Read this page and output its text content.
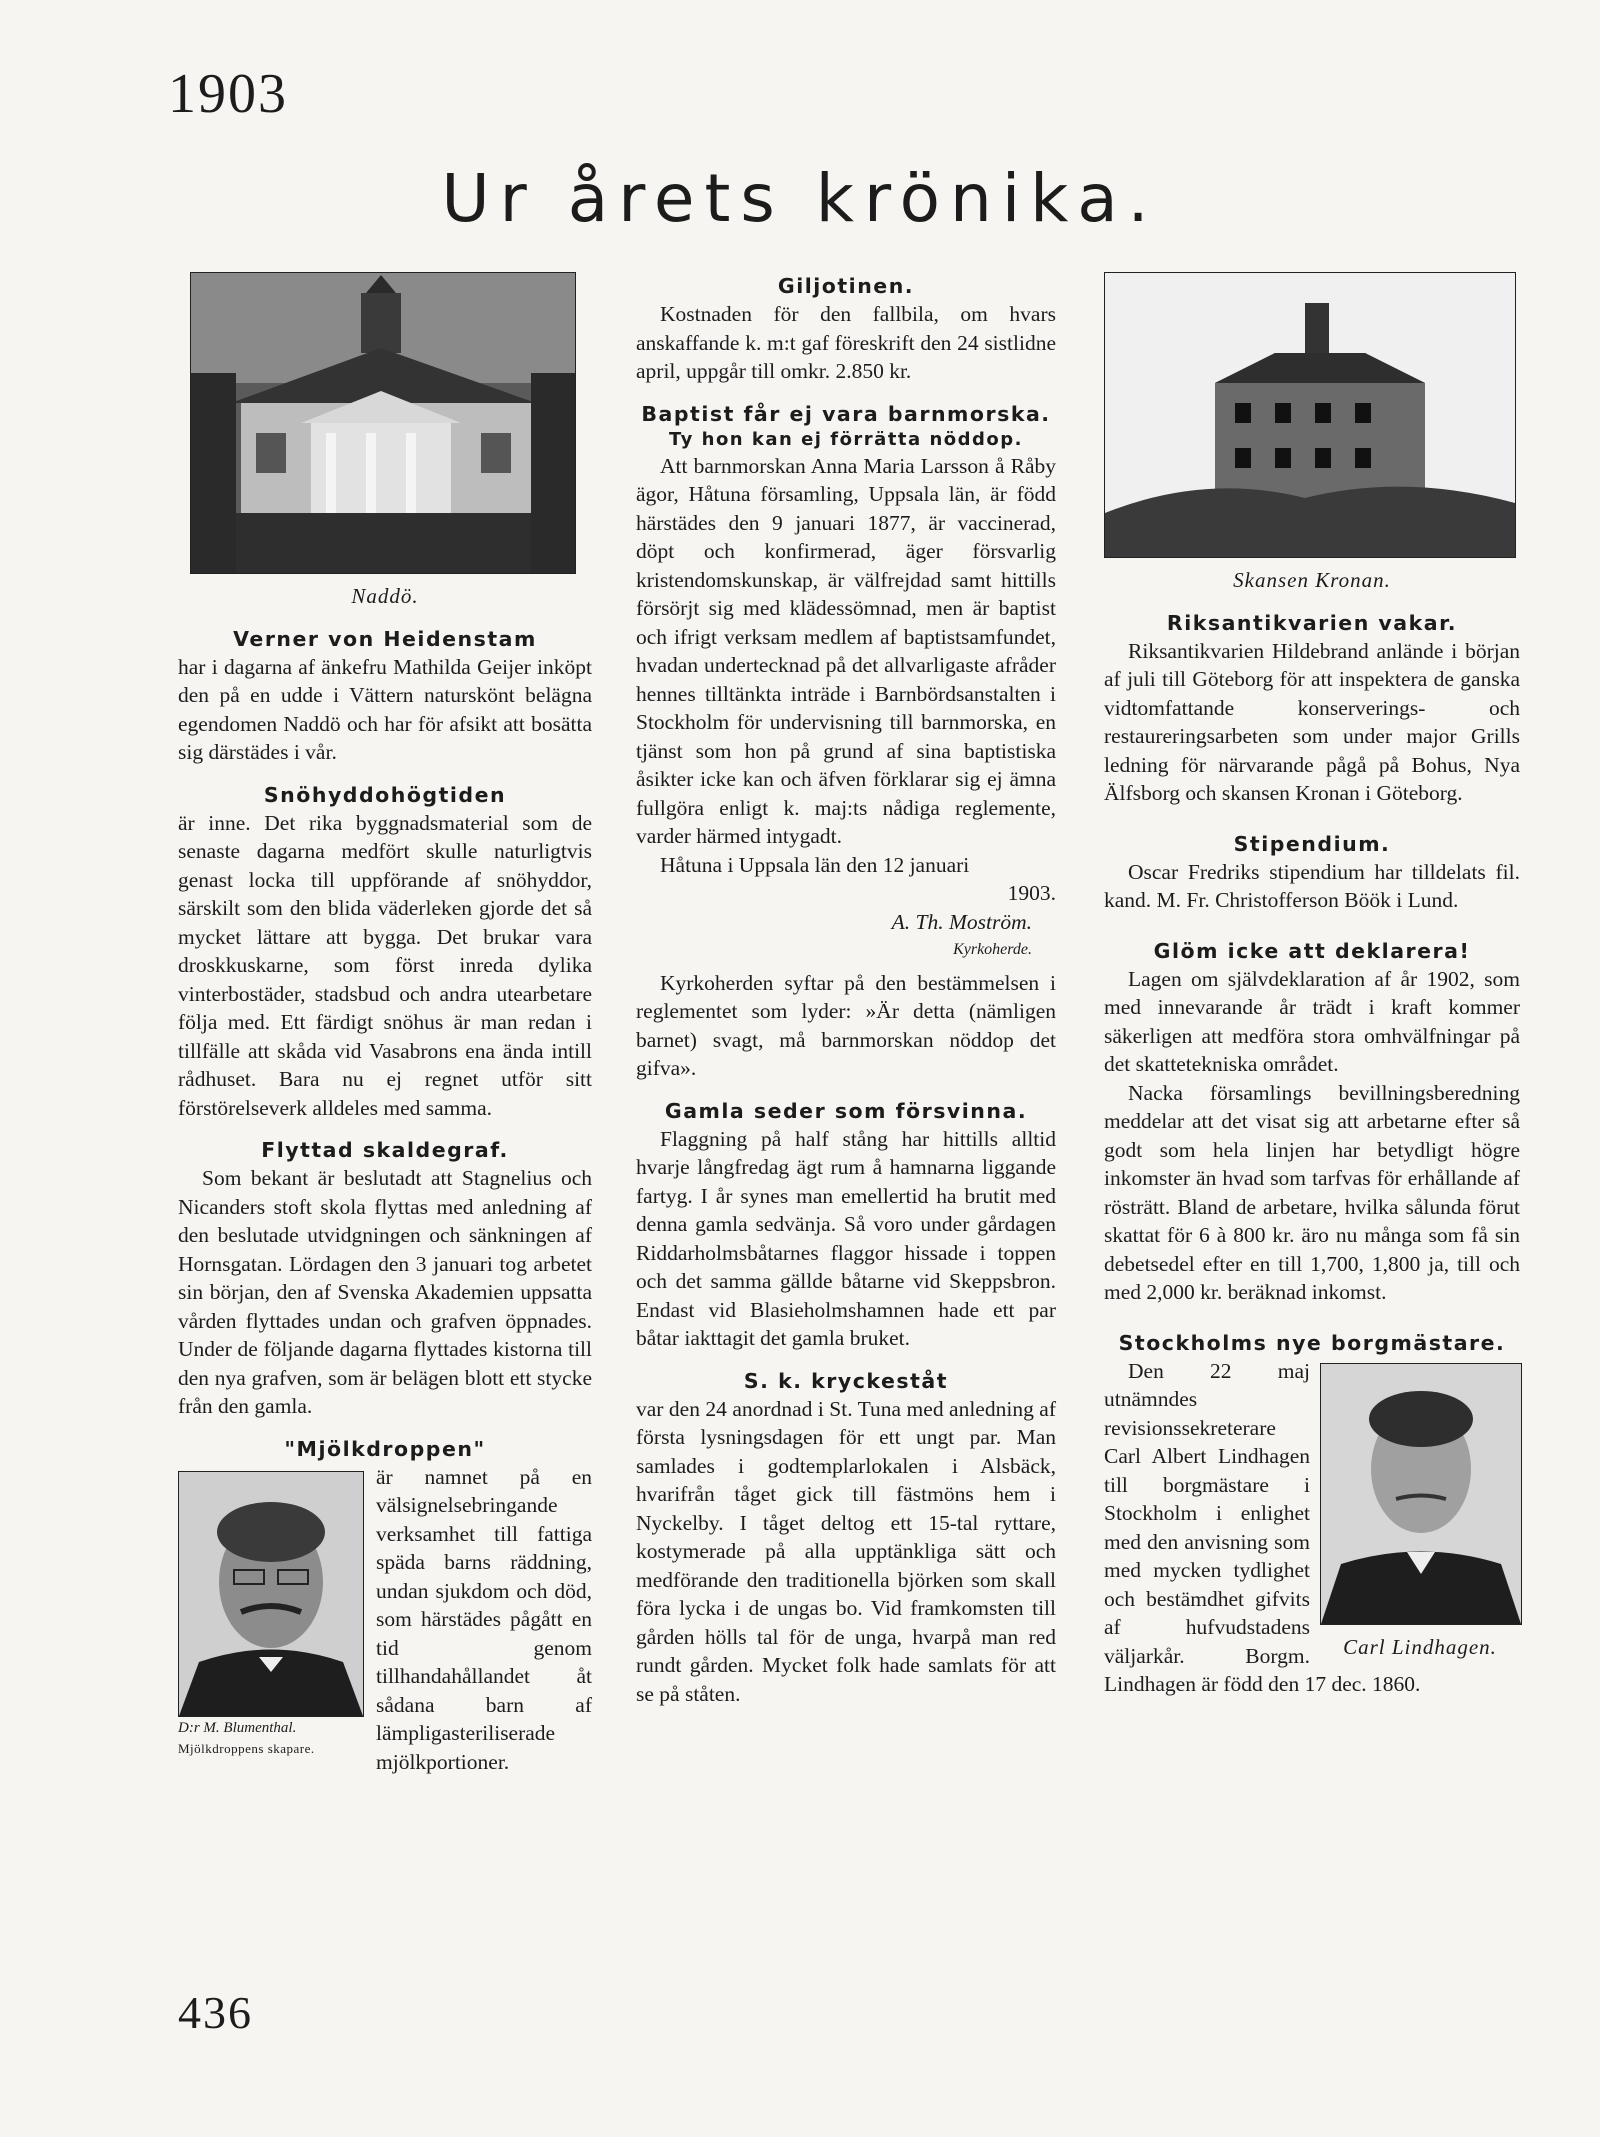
1903
Ur årets krönika.
Naddö.
Verner von Heidenstam

har i dagarna af änkefru Mathilda Geijer inköpt den på en udde i Vättern naturskönt belägna egendomen Naddö och har för afsikt att bosätta sig därstädes i vår.

Snöhyddohögtiden

är inne. Det rika byggnadsmaterial som de senaste dagarna medfört skulle naturligtvis genast locka till uppförande af snöhyddor, särskilt som den blida väderleken gjorde det så mycket lättare att bygga. Det brukar vara droskkuskarne, som först inreda dylika vinterbostäder, stadsbud och andra utearbetare följa med. Ett färdigt snöhus är man redan i tillfälle att skåda vid Vasabrons ena ända intill rådhuset. Bara nu ej regnet utför sitt förstörelseverk alldeles med samma.

Flyttad skaldegraf.

Som bekant är beslutadt att Stagnelius och Nicanders stoft skola flyttas med anledning af den beslutade utvidgningen och sänkningen af Hornsgatan. Lördagen den 3 januari tog arbetet sin början, den af Svenska Akademien uppsatta vården flyttades undan och grafven öppnades. Under de följande dagarna flyttades kistorna till den nya grafven, som är belägen blott ett stycke från den gamla.

"Mjölkdroppen"
D:r M. Blumenthal.
Mjölkdroppens skapare.

är namnet på en välsignelsebringande verksamhet till fattiga späda barns räddning, undan sjukdom och död, som härstädes pågått en tid genom tillhandahållandet åt sådana barn af lämpligasteriliserade mjölkportioner.

Giljotinen.

Kostnaden för den fallbila, om hvars anskaffande k. m:t gaf föreskrift den 24 sistlidne april, uppgår till omkr. 2.850 kr.

Baptist får ej vara barnmorska.
Ty hon kan ej förrätta nöddop.

Att barnmorskan Anna Maria Larsson å Råby ägor, Håtuna församling, Uppsala län, är född härstädes den 9 januari 1877, är vaccinerad, döpt och konfirmerad, äger försvarlig kristendomskunskap, är välfrejdad samt hittills försörjt sig med klädessömnad, men är baptist och ifrigt verksam medlem af baptistsamfundet, hvadan undertecknad på det allvarligaste afråder hennes tilltänkta inträde i Barnbördsanstalten i Stockholm för undervisning till barnmorska, en tjänst som hon på grund af sina baptistiska åsikter icke kan och äfven förklarar sig ej ämna fullgöra enligt k. maj:ts nådiga reglemente, varder härmed intygadt.

Håtuna i Uppsala län den 12 januari

1903.
A. Th. Moström.
Kyrkoherde.

Kyrkoherden syftar på den bestämmelsen i reglementet som lyder: »Är detta (nämligen barnet) svagt, må barnmorskan nöddop det gifva».

Gamla seder som försvinna.

Flaggning på half stång har hittills alltid hvarje långfredag ägt rum å hamnarna liggande fartyg. I år synes man emellertid ha brutit med denna gamla sedvänja. Så voro under gårdagen Riddarholmsbåtarnes flaggor hissade i toppen och det samma gällde båtarne vid Skeppsbron. Endast vid Blasieholmshamnen hade ett par båtar iakttagit det gamla bruket.

S. k. kryckeståt

var den 24 anordnad i St. Tuna med anledning af första lysningsdagen för ett ungt par. Man samlades i godtemplarlokalen i Alsbäck, hvarifrån tåget gick till fästmöns hem i Nyckelby. I tåget deltog ett 15-tal ryttare, kostymerade på alla upptänkliga sätt och medförande den traditionella björken som skall föra lycka i de ungas bo. Vid framkomsten till gården hölls tal för de unga, hvarpå man red rundt gården. Mycket folk hade samlats för att se på ståten.

Skansen Kronan.
Riksantikvarien vakar.

Riksantikvarien Hildebrand anlände i början af juli till Göteborg för att inspektera de ganska vidtomfattande konserverings- och restaureringsarbeten som under major Grills ledning för närvarande pågå på Bohus, Nya Älfsborg och skansen Kronan i Göteborg.

Stipendium.

Oscar Fredriks stipendium har tilldelats fil. kand. M. Fr. Christofferson Böök i Lund.

Glöm icke att deklarera!

Lagen om självdeklaration af år 1902, som med innevarande år trädt i kraft kommer säkerligen att medföra stora omhvälfningar på det skattetekniska området.

Nacka församlings bevillningsberedning meddelar att det visat sig att arbetarne efter så godt som hela linjen har betydligt högre inkomster än hvad som tarfvas för erhållande af rösträtt. Bland de arbetare, hvilka sålunda förut skattat för 6 à 800 kr. äro nu många som få sin debetsedel efter en till 1,700, 1,800 ja, till och med 2,000 kr. beräknad inkomst.

Stockholms nye borgmästare.
Carl Lindhagen.

Den 22 maj utnämndes revisionssekreterare Carl Albert Lindhagen till borgmästare i Stockholm i enlighet med den anvisning som med mycken tydlighet och bestämdhet gifvits af hufvudstadens väljarkår. Borgm. Lindhagen är född den 17 dec. 1860.

436
